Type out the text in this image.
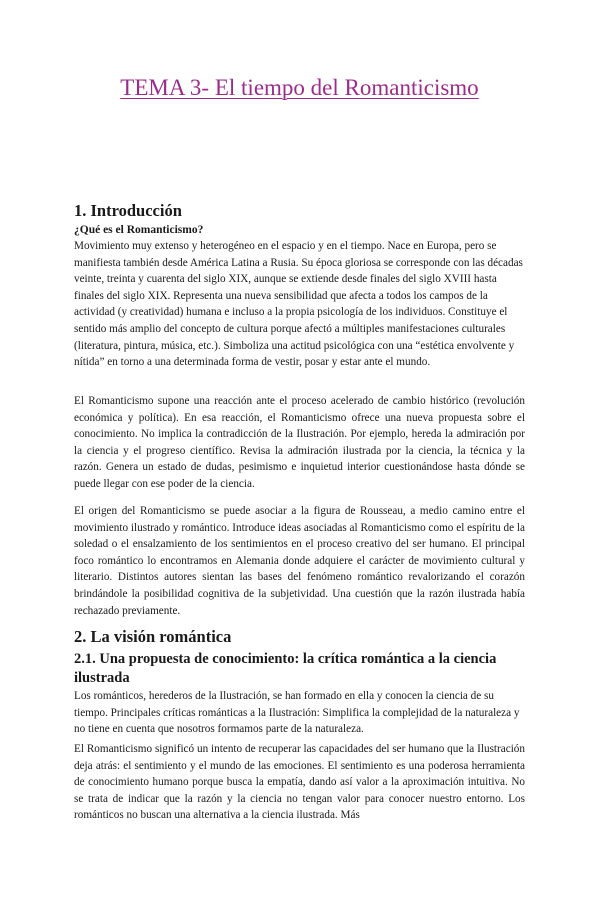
TEMA 3- El tiempo del Romanticismo
1. Introducción
¿Qué es el Romanticismo?

Movimiento muy extenso y heterogéneo en el espacio y en el tiempo. Nace en Europa, pero se manifiesta también desde América Latina a Rusia. Su época gloriosa se corresponde con las décadas veinte, treinta y cuarenta del siglo XIX, aunque se extiende desde finales del siglo XVIII hasta finales del siglo XIX. Representa una nueva sensibilidad que afecta a todos los campos de la actividad (y creatividad) humana e incluso a la propia psicología de los individuos. Constituye el sentido más amplio del concepto de cultura porque afectó a múltiples manifestaciones culturales (literatura, pintura, música, etc.). Simboliza una actitud psicológica con una “estética envolvente y nítida” en torno a una determinada forma de vestir, posar y estar ante el mundo.

El Romanticismo supone una reacción ante el proceso acelerado de cambio histórico (revolución económica y política). En esa reacción, el Romanticismo ofrece una nueva propuesta sobre el conocimiento. No implica la contradicción de la Ilustración. Por ejemplo, hereda la admiración por la ciencia y el progreso científico. Revisa la admiración ilustrada por la ciencia, la técnica y la razón. Genera un estado de dudas, pesimismo e inquietud interior cuestionándose hasta dónde se puede llegar con ese poder de la ciencia.

El origen del Romanticismo se puede asociar a la figura de Rousseau, a medio camino entre el movimiento ilustrado y romántico. Introduce ideas asociadas al Romanticismo como el espíritu de la soledad o el ensalzamiento de los sentimientos en el proceso creativo del ser humano. El principal foco romántico lo encontramos en Alemania donde adquiere el carácter de movimiento cultural y literario. Distintos autores sientan las bases del fenómeno romántico revalorizando el corazón brindándole la posibilidad cognitiva de la subjetividad. Una cuestión que la razón ilustrada había rechazado previamente.

2. La visión romántica
2.1. Una propuesta de conocimiento: la crítica romántica a la ciencia ilustrada

Los románticos, herederos de la Ilustración, se han formado en ella y conocen la ciencia de su tiempo. Principales críticas románticas a la Ilustración: Simplifica la complejidad de la naturaleza y no tiene en cuenta que nosotros formamos parte de la naturaleza.

El Romanticismo significó un intento de recuperar las capacidades del ser humano que la Ilustración deja atrás: el sentimiento y el mundo de las emociones. El sentimiento es una poderosa herramienta de conocimiento humano porque busca la empatía, dando así valor a la aproximación intuitiva. No se trata de indicar que la razón y la ciencia no tengan valor para conocer nuestro entorno. Los románticos no buscan una alternativa a la ciencia ilustrada. Más
